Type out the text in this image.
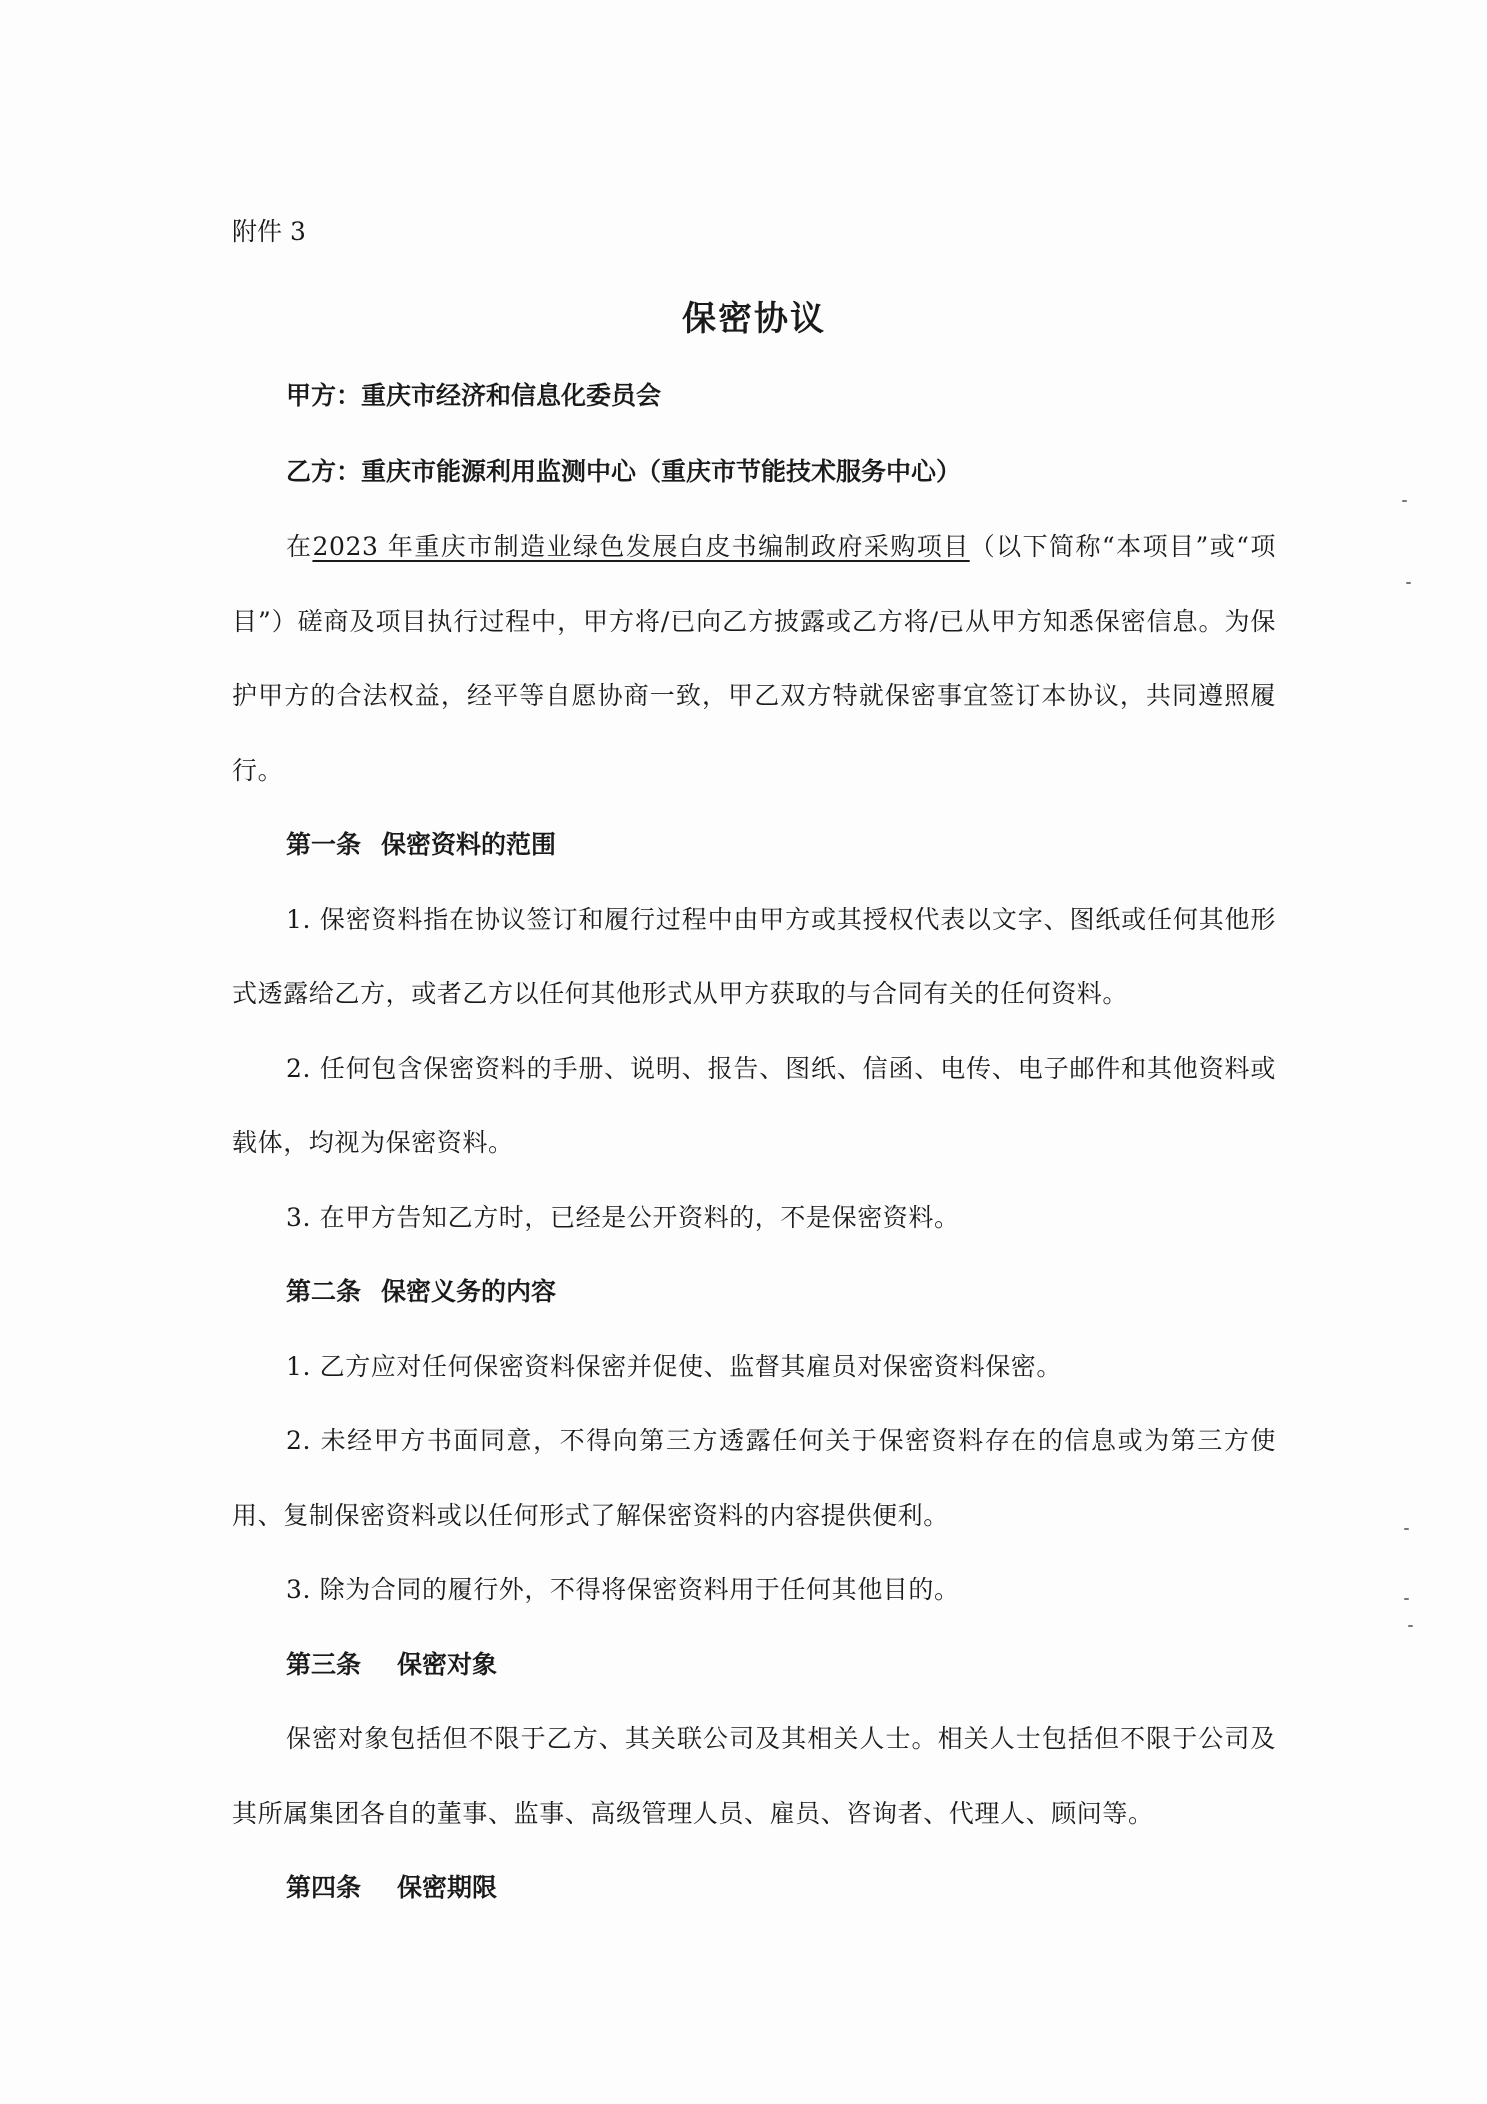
附件 3

保密协议

甲方：重庆市经济和信息化委员会

乙方：重庆市能源利用监测中心（重庆市节能技术服务中心）

在2023 年重庆市制造业绿色发展白皮书编制政府采购项目（以下简称“本项目”或“项目”）磋商及项目执行过程中，甲方将/已向乙方披露或乙方将/已从甲方知悉保密信息。为保护甲方的合法权益，经平等自愿协商一致，甲乙双方特就保密事宜签订本协议，共同遵照履行。

第一条 保密资料的范围

1. 保密资料指在协议签订和履行过程中由甲方或其授权代表以文字、图纸或任何其他形式透露给乙方，或者乙方以任何其他形式从甲方获取的与合同有关的任何资料。

2. 任何包含保密资料的手册、说明、报告、图纸、信函、电传、电子邮件和其他资料或载体，均视为保密资料。

3. 在甲方告知乙方时，已经是公开资料的，不是保密资料。

第二条 保密义务的内容

1. 乙方应对任何保密资料保密并促使、监督其雇员对保密资料保密。

2. 未经甲方书面同意，不得向第三方透露任何关于保密资料存在的信息或为第三方使用、复制保密资料或以任何形式了解保密资料的内容提供便利。

3. 除为合同的履行外，不得将保密资料用于任何其他目的。

第三条 保密对象

保密对象包括但不限于乙方、其关联公司及其相关人士。相关人士包括但不限于公司及其所属集团各自的董事、监事、高级管理人员、雇员、咨询者、代理人、顾问等。

第四条 保密期限
